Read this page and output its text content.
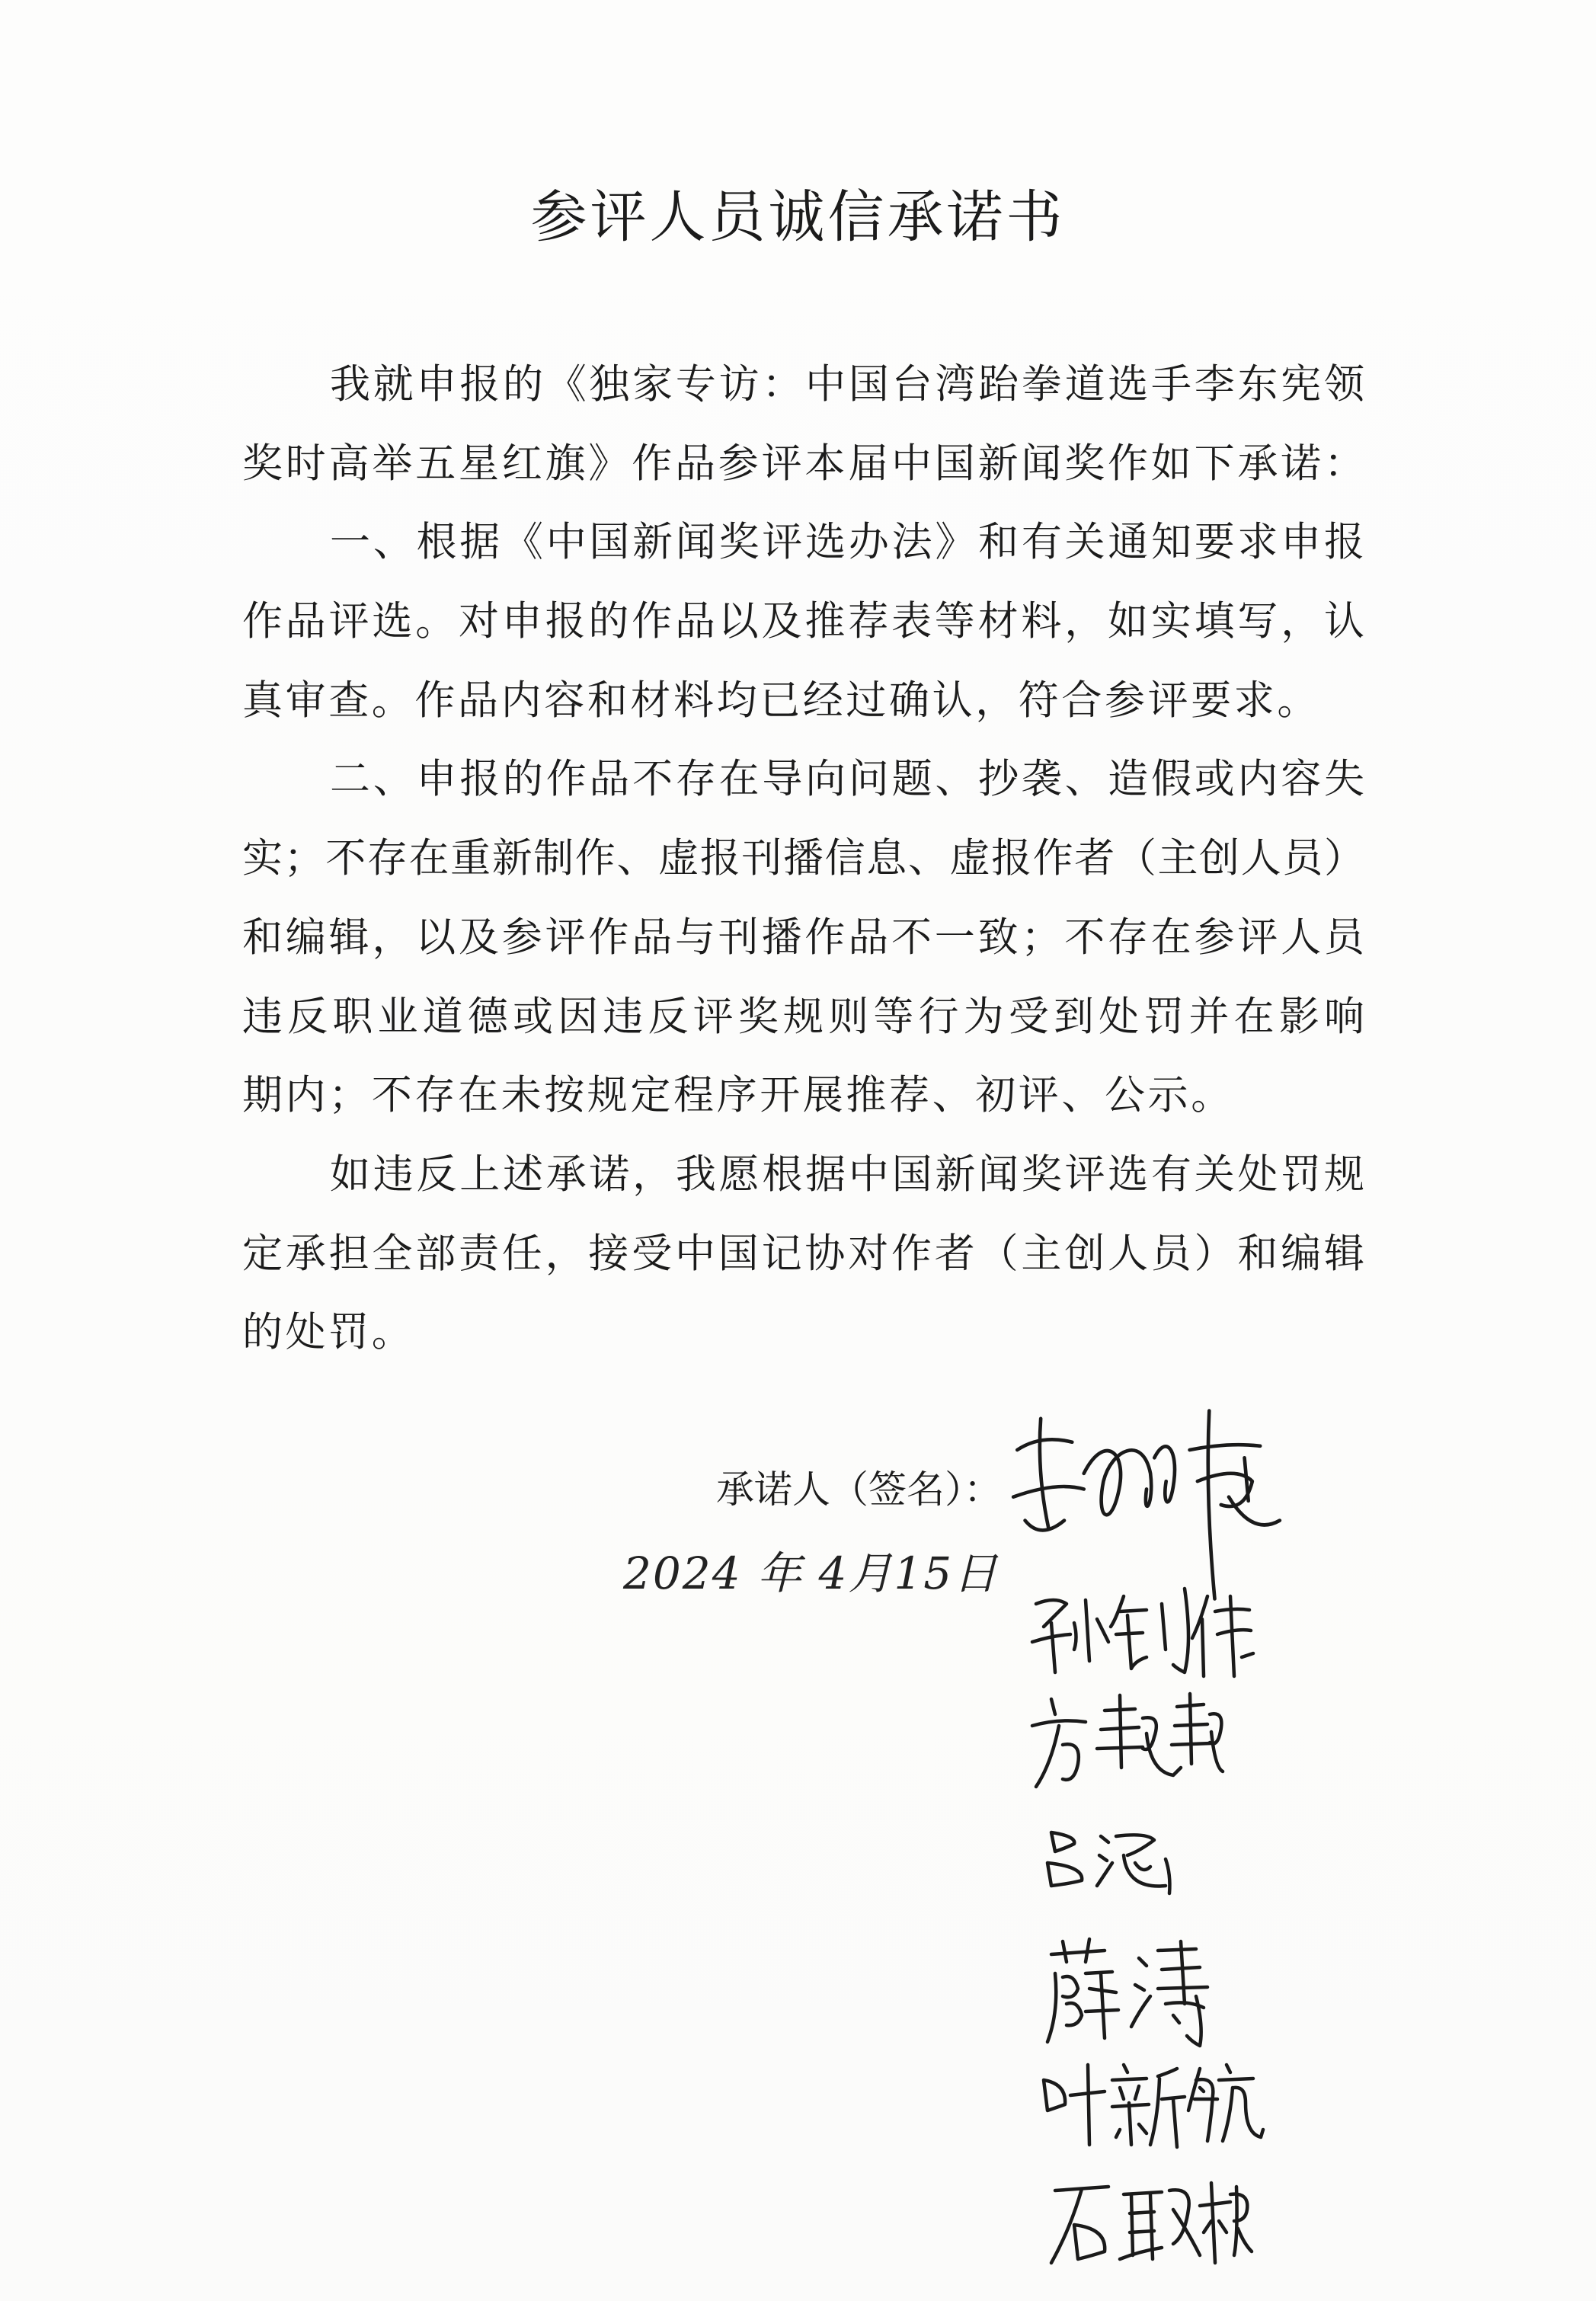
参评人员诚信承诺书
我就申报的《独家专访：中国台湾跆拳道选手李东宪领
奖时高举五星红旗》作品参评本届中国新闻奖作如下承诺：
一、根据《中国新闻奖评选办法》和有关通知要求申报
作品评选。对申报的作品以及推荐表等材料，如实填写，认
真审查。作品内容和材料均已经过确认，符合参评要求。
二、申报的作品不存在导向问题、抄袭、造假或内容失
实；不存在重新制作、虚报刊播信息、虚报作者（主创人员）
和编辑，以及参评作品与刊播作品不一致；不存在参评人员
违反职业道德或因违反评奖规则等行为受到处罚并在影响
期内；不存在未按规定程序开展推荐、初评、公示。
如违反上述承诺，我愿根据中国新闻奖评选有关处罚规
定承担全部责任，接受中国记协对作者（主创人员）和编辑
的处罚。
承诺人（签名）：
2024 年 4月15日
